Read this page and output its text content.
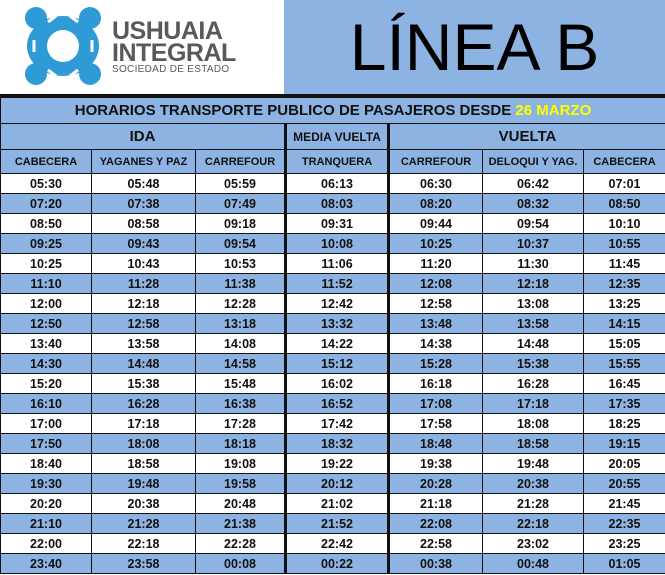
USHUAIA
INTEGRAL
SOCIEDAD DE ESTADO	LÍNEA B
HORARIOS TRANSPORTE PUBLICO DE PASAJEROS DESDE 26 MARZO						
IDA			MEDIA VUELTA	VUELTA		
CABECERA	YAGANES Y PAZ	CARREFOUR	TRANQUERA	CARREFOUR	DELOQUI Y YAG.	CABECERA
05:30	05:48	05:59	06:13	06:30	06:42	07:01
07:20	07:38	07:49	08:03	08:20	08:32	08:50
08:50	08:58	09:18	09:31	09:44	09:54	10:10
09:25	09:43	09:54	10:08	10:25	10:37	10:55
10:25	10:43	10:53	11:06	11:20	11:30	11:45
11:10	11:28	11:38	11:52	12:08	12:18	12:35
12:00	12:18	12:28	12:42	12:58	13:08	13:25
12:50	12:58	13:18	13:32	13:48	13:58	14:15
13:40	13:58	14:08	14:22	14:38	14:48	15:05
14:30	14:48	14:58	15:12	15:28	15:38	15:55
15:20	15:38	15:48	16:02	16:18	16:28	16:45
16:10	16:28	16:38	16:52	17:08	17:18	17:35
17:00	17:18	17:28	17:42	17:58	18:08	18:25
17:50	18:08	18:18	18:32	18:48	18:58	19:15
18:40	18:58	19:08	19:22	19:38	19:48	20:05
19:30	19:48	19:58	20:12	20:28	20:38	20:55
20:20	20:38	20:48	21:02	21:18	21:28	21:45
21:10	21:28	21:38	21:52	22:08	22:18	22:35
22:00	22:18	22:28	22:42	22:58	23:02	23:25
23:40	23:58	00:08	00:22	00:38	00:48	01:05
